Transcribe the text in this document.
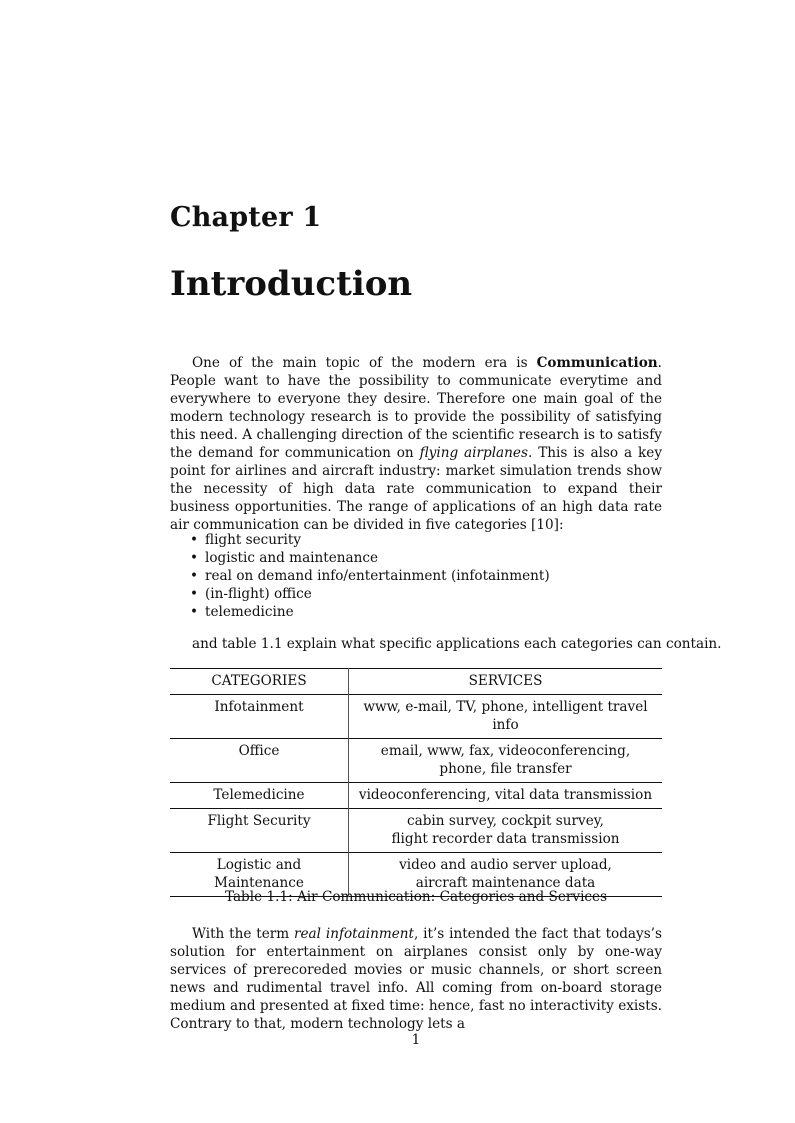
Chapter 1
Introduction

One of the main topic of the modern era is Communication. People want to have the possibility to communicate everytime and everywhere to everyone they desire. Therefore one main goal of the modern technology research is to provide the possibility of satisfying this need. A challenging direction of the scientific research is to satisfy the demand for communication on flying airplanes. This is also a key point for airlines and aircraft industry: market simulation trends show the necessity of high data rate communication to expand their business opportunities. The range of applications of an high data rate air communication can be divided in five categories [10]:

• flight security
• logistic and maintenance
• real on demand info/entertainment (infotainment)
• (in-flight) office
• telemedicine

and table 1.1 explain what specific applications each categories can contain.

CATEGORIES	SERVICES
Infotainment	www, e-mail, TV, phone, intelligent travel info

Office	email, www, fax, videoconferencing,
phone, file transfer

Telemedicine	videoconferencing, vital data transmission

Flight Security	cabin survey, cockpit survey,
flight recorder data transmission

Logistic and Maintenance	video and audio server upload,
aircraft maintenance data
Table 1.1: Air Communication: Categories and Services

With the term real infotainment, it’s intended the fact that todays’s solution for entertainment on airplanes consist only by one-way services of prerecoreded movies or music channels, or short screen news and rudimental travel info. All coming from on-board storage medium and presented at fixed time: hence, fast no interactivity exists. Contrary to that, modern technology lets a

1
